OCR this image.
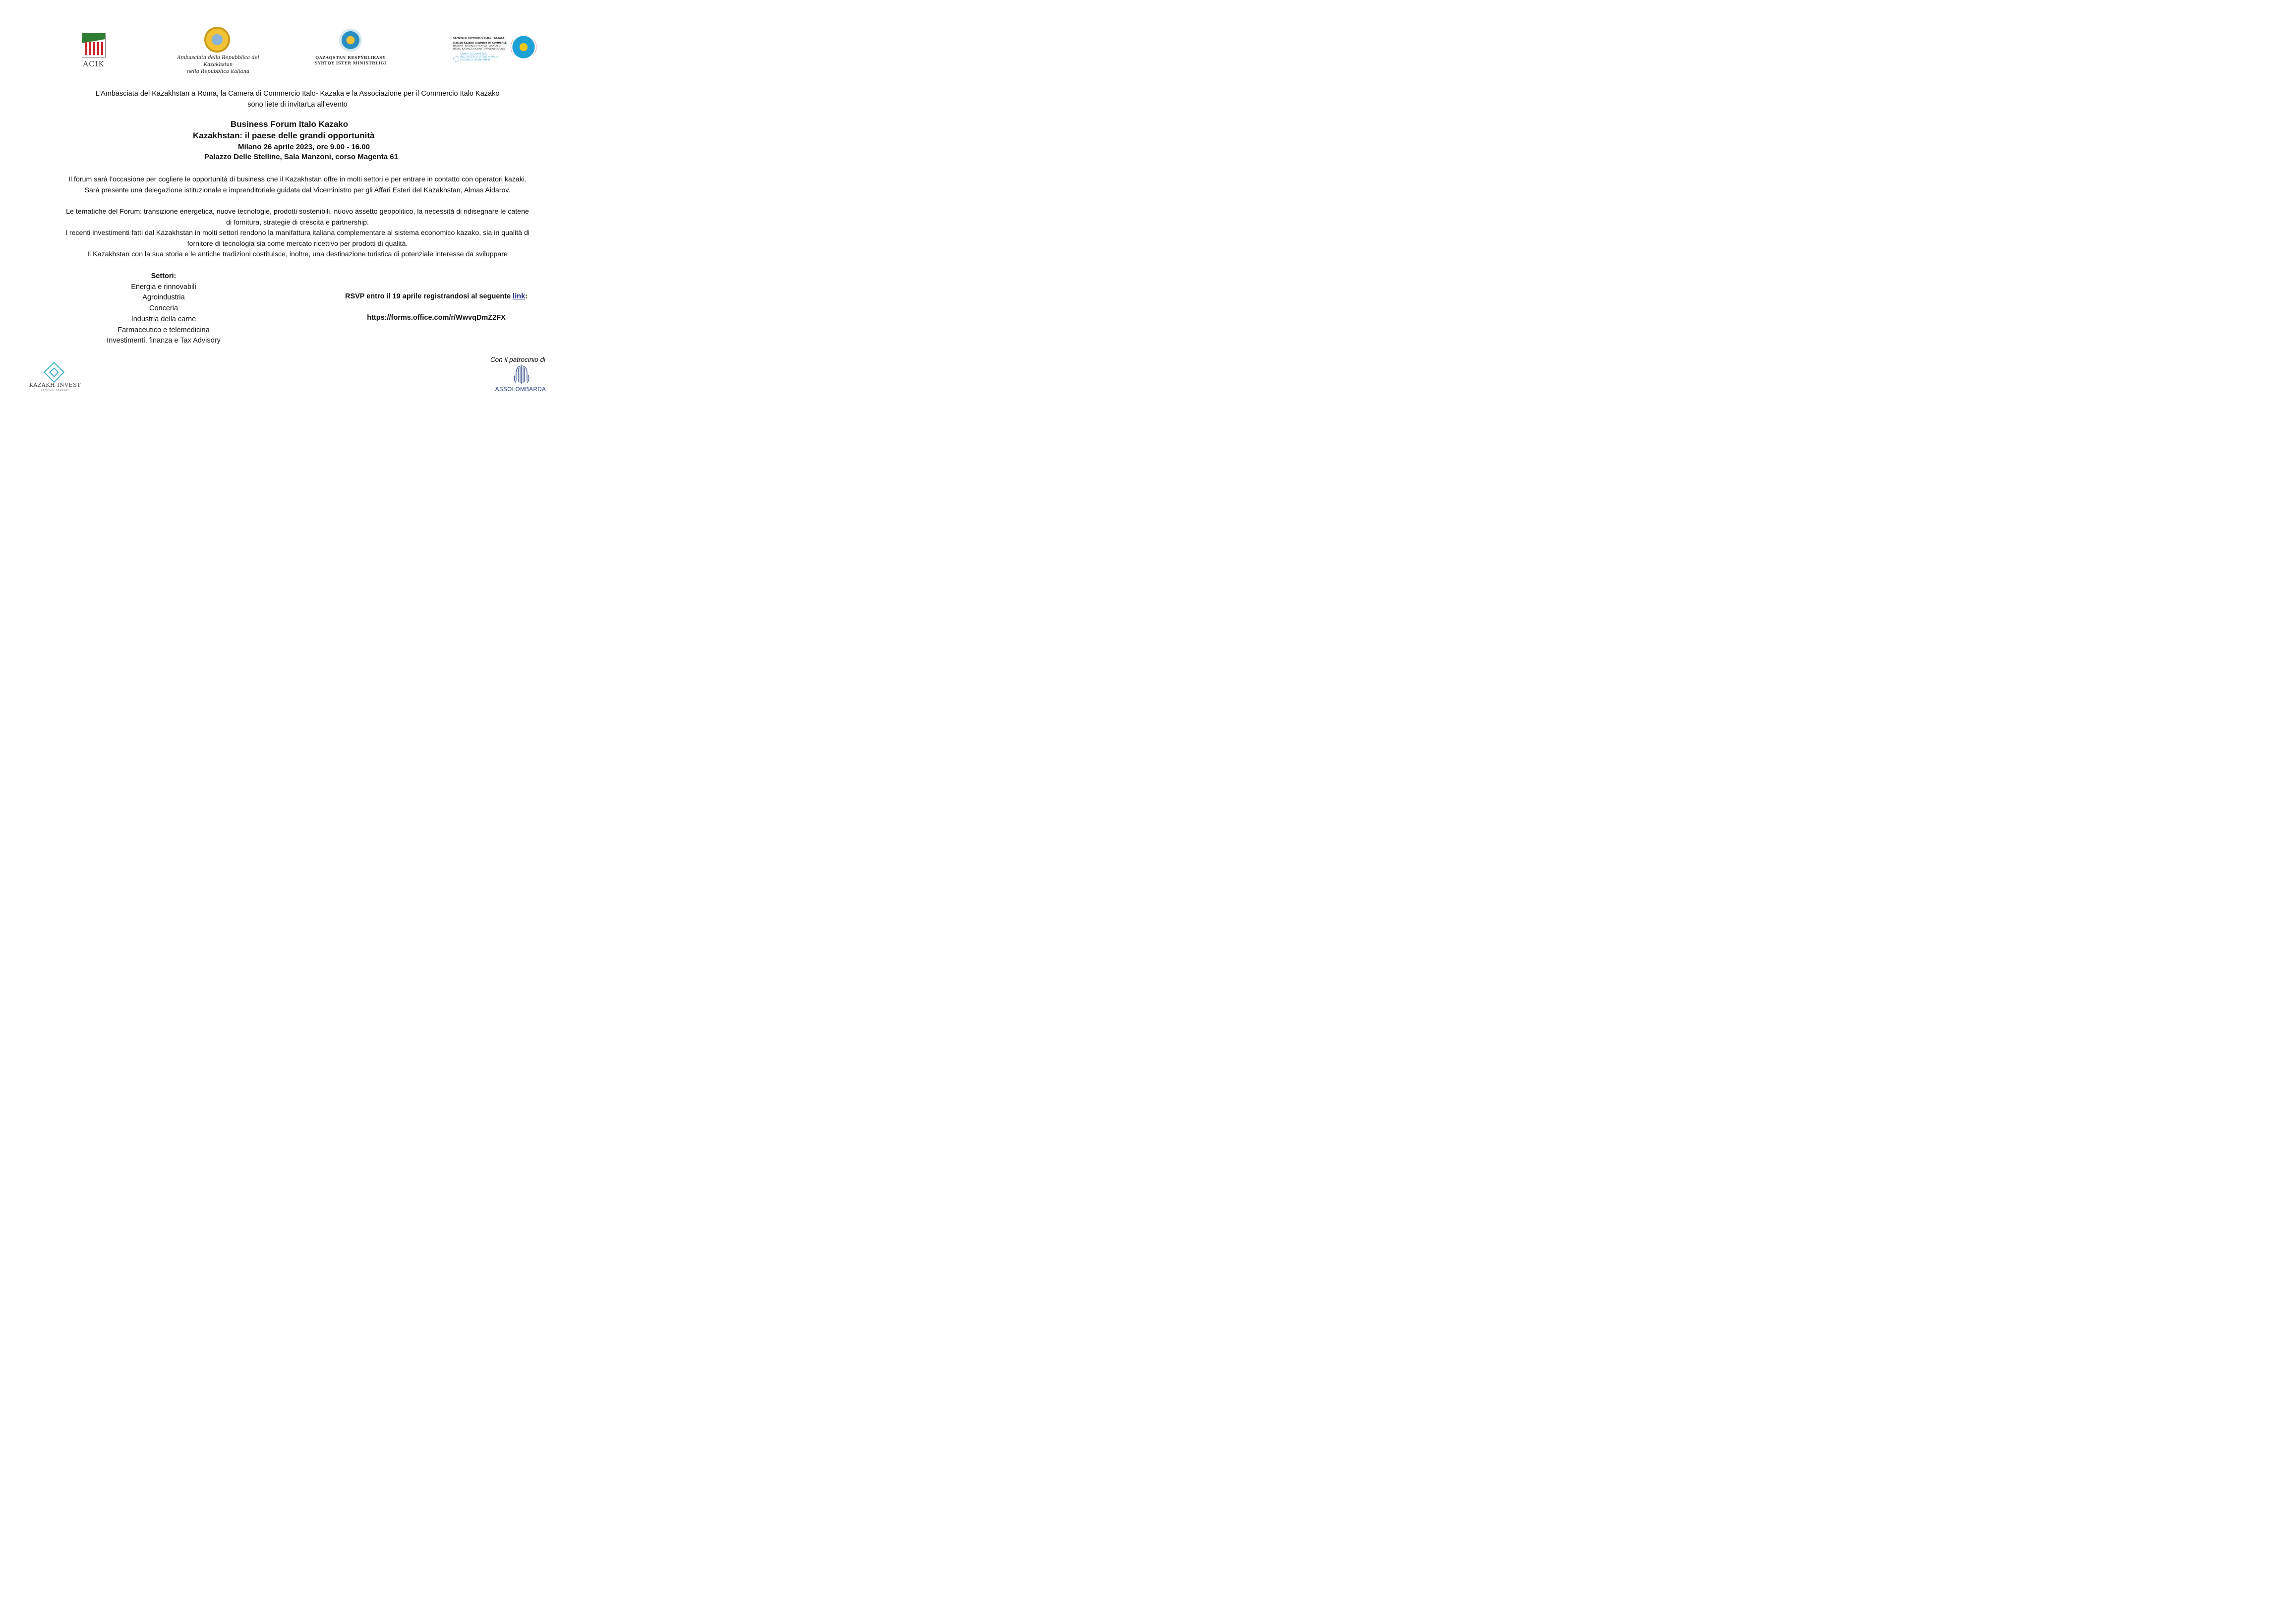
ACIK
Ambasciata della Repubblica del
Kazakhstan
nella Repubblica italiana
QAZAQSTAN RESPÝBLIKASY
SYRTQY ISTER MINISTRLIGI
CAMERA DI COMMERCIO ITALO – KAZAKA
ITALIAN KAZAKH CHAMBER OF COMMERCE
ИТАЛИЯ - ҚАЗАҚСТАН САУДА ПАЛАТАСЫ
ИТАЛО-КАЗАХСТАНСКАЯ ТОРГОВАЯ ПАЛАТА
CAMERE DI COMMERCIO
ITALO ESTERE O ESTERE IN ITALIA
SEZIONE DI UNIONCAMERE
L’Ambasciata del Kazakhstan a Roma, la Camera di Commercio Italo- Kazaka e la Associazione per il Commercio Italo Kazako
sono liete di invitarLa all’evento
Business Forum Italo Kazako
Kazakhstan: il paese delle grandi opportunità
Milano 26 aprile 2023, ore 9.00 - 16.00
Palazzo Delle Stelline, Sala Manzoni, corso Magenta 61
Il forum sarà l’occasione per cogliere le opportunità di business che il Kazakhstan offre in molti settori e per entrare in contatto con operatori kazaki.
Sarà presente una delegazione istituzionale e imprenditoriale guidata dal Viceministro per gli Affari Esteri del Kazakhstan, Almas Aidarov.
Le tematiche del Forum: transizione energetica, nuove tecnologie, prodotti sostenibili, nuovo assetto geopolitico, la necessità di ridisegnare le catene
di fornitura, strategie di crescita e partnership.
I recenti investimenti fatti dal Kazakhstan in molti settori rendono la manifattura italiana complementare al sistema economico kazako, sia in qualità di
fornitore di tecnologia sia come mercato ricettivo per prodotti di qualità.
Il Kazakhstan con la sua storia e le antiche tradizioni costituisce, inoltre, una destinazione turistica di potenziale interesse da sviluppare
Settori:
Energia e rinnovabili
Agroindustria
Conceria
Industria della carne
Farmaceutico e telemedicina
Investimenti, finanza e Tax Advisory
RSVP entro il 19 aprile registrandosi al seguente link:
https://forms.office.com/r/WwvqDmZ2FX
KAZAKH INVEST
NATIONAL COMPANY
Con il patrocinio di
ASSOLOMBARDA
